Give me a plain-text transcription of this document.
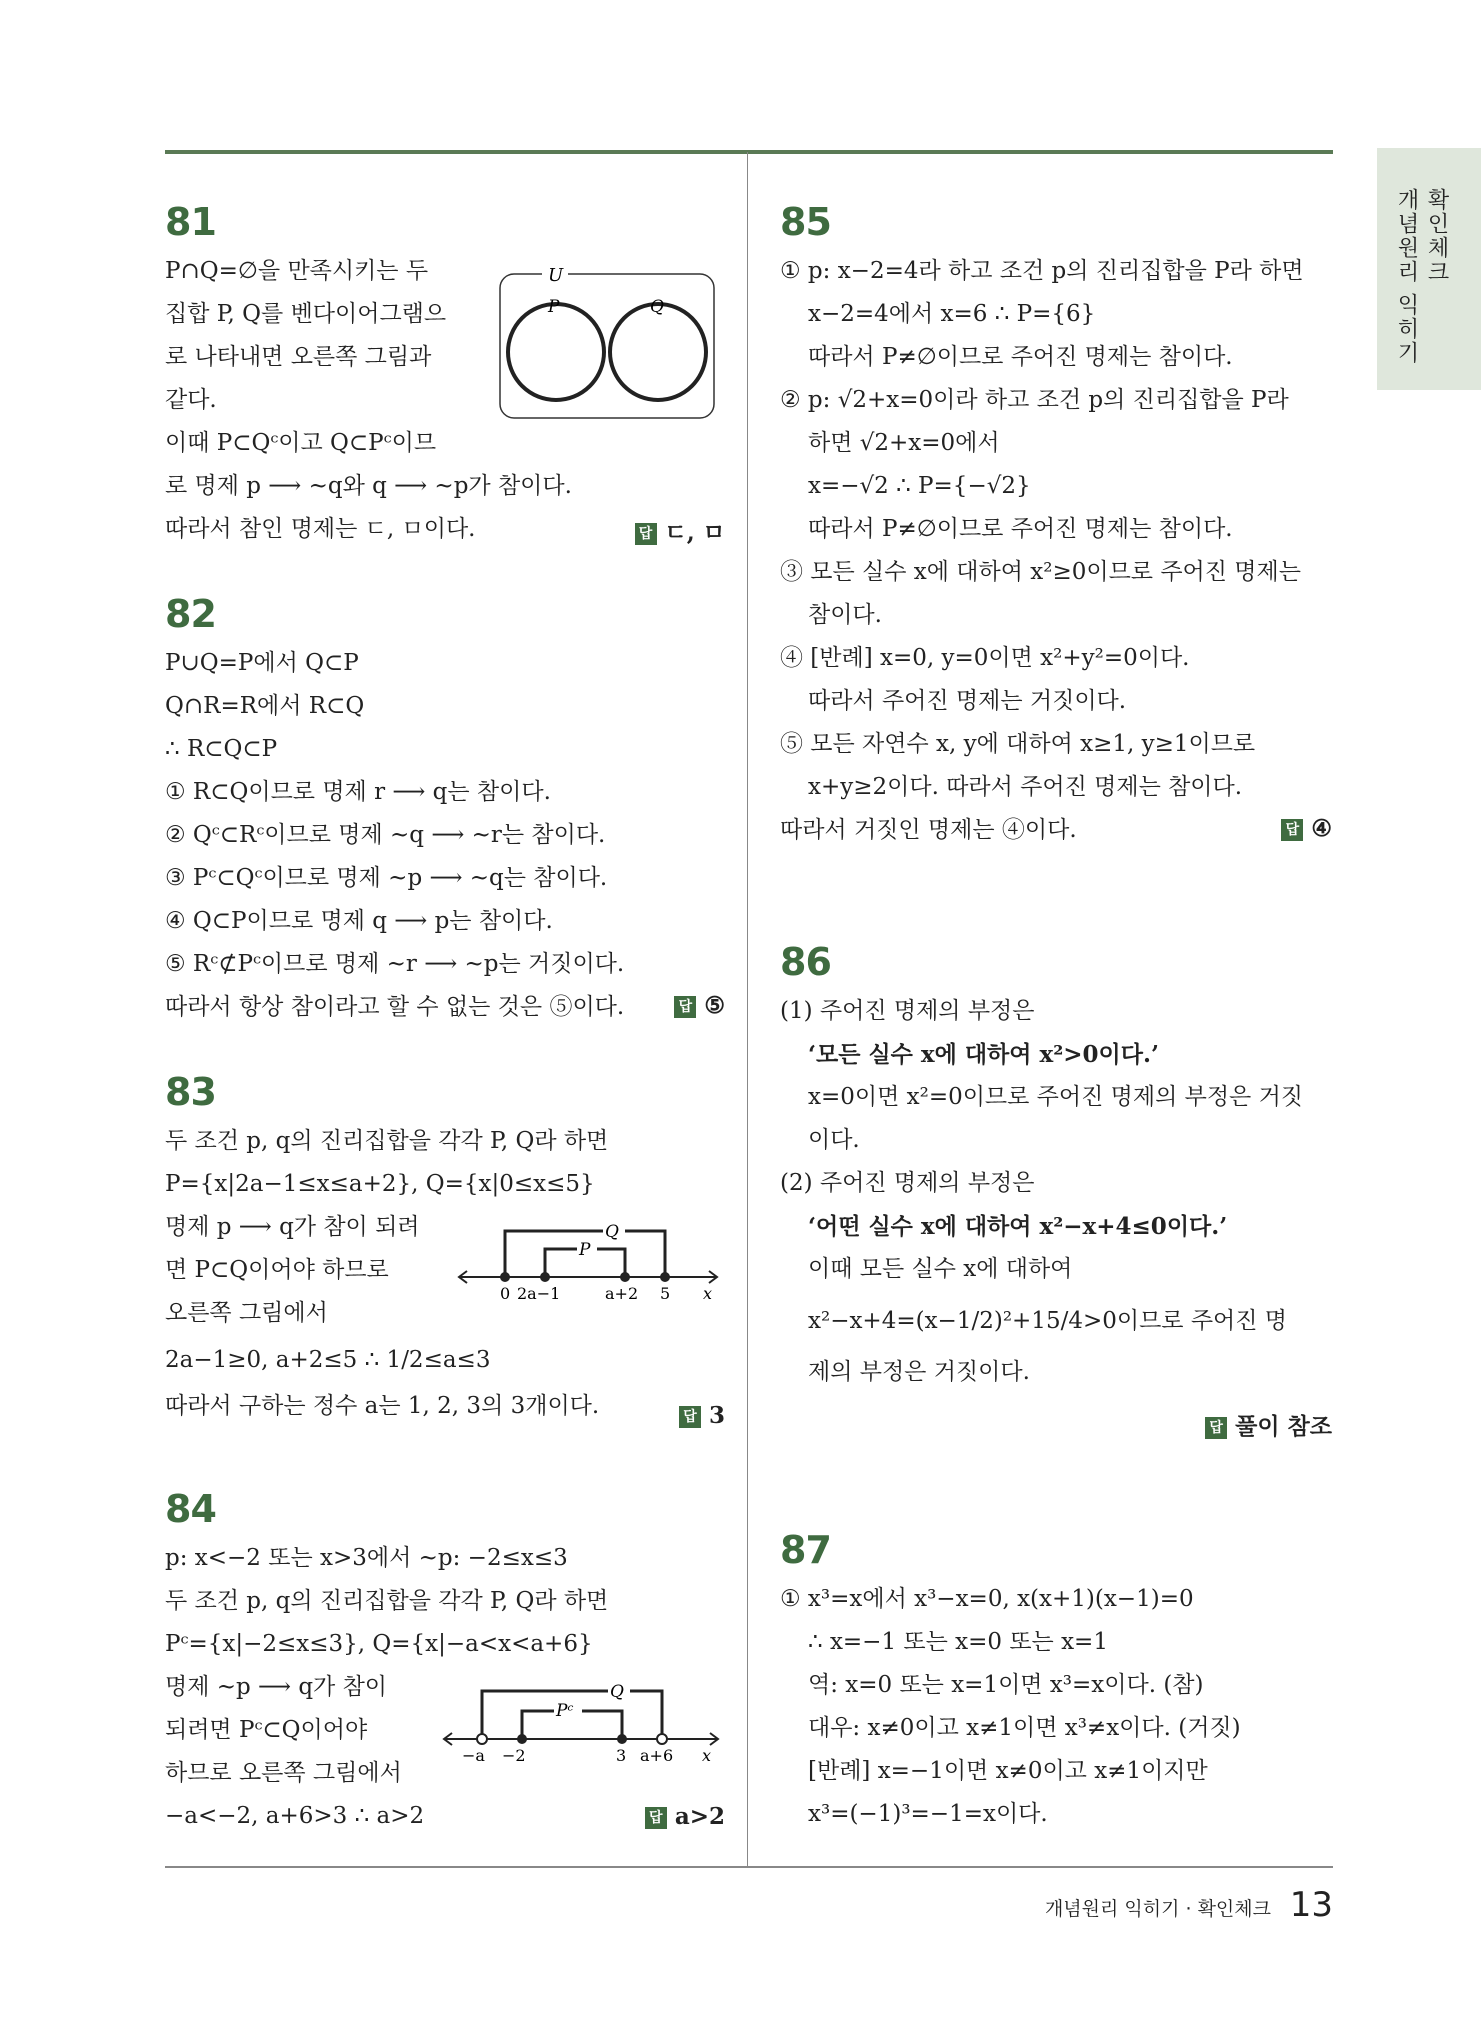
확인체크
개념원리 익히기
81
P∩Q=∅을 만족시키는 두
집합 P, Q를 벤다이어그램으
로 나타내면 오른쪽 그림과
같다.
이때 P⊂Qᶜ이고 Q⊂Pᶜ이므
로 명제 p ⟶ ~q와 q ⟶ ~p가 참이다.
따라서 참인 명제는 ㄷ, ㅁ이다.	답 ㄷ, ㅁ
U
P	Q
82
P∪Q=P에서 Q⊂P
Q∩R=R에서 R⊂Q
∴ R⊂Q⊂P
① R⊂Q이므로 명제 r ⟶ q는 참이다.
② Qᶜ⊂Rᶜ이므로 명제 ~q ⟶ ~r는 참이다.
③ Pᶜ⊂Qᶜ이므로 명제 ~p ⟶ ~q는 참이다.
④ Q⊂P이므로 명제 q ⟶ p는 참이다.
⑤ Rᶜ⊄Pᶜ이므로 명제 ~r ⟶ ~p는 거짓이다.
따라서 항상 참이라고 할 수 없는 것은 ⑤이다.	답 ⑤
83
두 조건 p, q의 진리집합을 각각 P, Q라 하면
P={x|2a−1≤x≤a+2}, Q={x|0≤x≤5}
명제 p ⟶ q가 참이 되려
면 P⊂Q이어야 하므로
오른쪽 그림에서
2a−1≥0, a+2≤5 ∴ 1/2≤a≤3
따라서 구하는 정수 a는 1, 2, 3의 3개이다.	답 3
Q
P
0 2a−1	a+2 5 x
84
p: x<−2 또는 x>3에서 ~p: −2≤x≤3
두 조건 p, q의 진리집합을 각각 P, Q라 하면
Pᶜ={x|−2≤x≤3}, Q={x|−a<x<a+6}
명제 ~p ⟶ q가 참이
되려면 Pᶜ⊂Q이어야
하므로 오른쪽 그림에서
−a<−2, a+6>3 ∴ a>2	답 a>2
Q
Pᶜ
−a −2	3 a+6 x
85
① p: x−2=4라 하고 조건 p의 진리집합을 P라 하면
x−2=4에서 x=6 ∴ P={6}
따라서 P≠∅이므로 주어진 명제는 참이다.
② p: √2+x=0이라 하고 조건 p의 진리집합을 P라
하면 √2+x=0에서
x=−√2 ∴ P={−√2}
따라서 P≠∅이므로 주어진 명제는 참이다.
③ 모든 실수 x에 대하여 x²≥0이므로 주어진 명제는
참이다.
④ [반례] x=0, y=0이면 x²+y²=0이다.
따라서 주어진 명제는 거짓이다.
⑤ 모든 자연수 x, y에 대하여 x≥1, y≥1이므로
x+y≥2이다. 따라서 주어진 명제는 참이다.
따라서 거짓인 명제는 ④이다.	답 ④
86
(1) 주어진 명제의 부정은
‘모든 실수 x에 대하여 x²>0이다.’
x=0이면 x²=0이므로 주어진 명제의 부정은 거짓
이다.
(2) 주어진 명제의 부정은
‘어떤 실수 x에 대하여 x²−x+4≤0이다.’
이때 모든 실수 x에 대하여
x²−x+4=(x−1/2)²+15/4>0이므로 주어진 명
제의 부정은 거짓이다.
답 풀이 참조
87
① x³=x에서 x³−x=0, x(x+1)(x−1)=0
∴ x=−1 또는 x=0 또는 x=1
역: x=0 또는 x=1이면 x³=x이다. (참)
대우: x≠0이고 x≠1이면 x³≠x이다. (거짓)
[반례] x=−1이면 x≠0이고 x≠1이지만
x³=(−1)³=−1=x이다.
개념원리 익히기 · 확인체크 13
